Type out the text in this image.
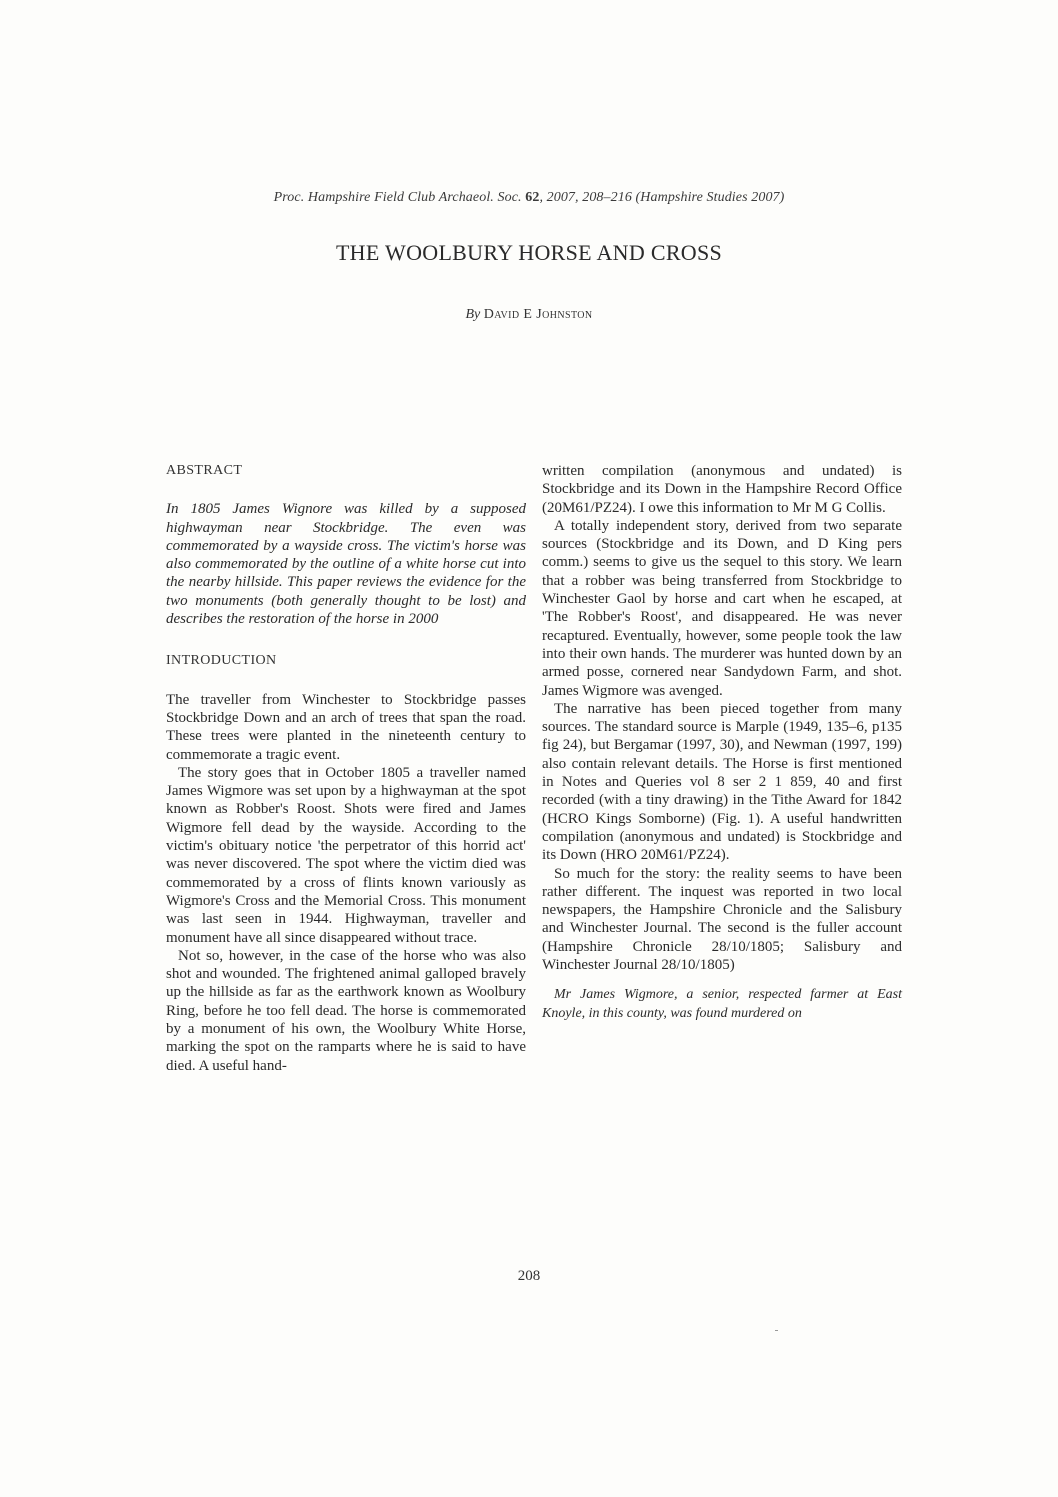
Proc. Hampshire Field Club Archaeol. Soc. 62, 2007, 208–216 (Hampshire Studies 2007)
THE WOOLBURY HORSE AND CROSS
By David E Johnston
ABSTRACT

In 1805 James Wignore was killed by a supposed highwayman near Stockbridge. The even was commemorated by a wayside cross. The victim's horse was also commemorated by the outline of a white horse cut into the nearby hillside. This paper reviews the evidence for the two monuments (both generally thought to be lost) and describes the restoration of the horse in 2000

INTRODUCTION

The traveller from Winchester to Stockbridge passes Stockbridge Down and an arch of trees that span the road. These trees were planted in the nineteenth century to commemorate a tragic event.

The story goes that in October 1805 a traveller named James Wigmore was set upon by a highwayman at the spot known as Robber's Roost. Shots were fired and James Wigmore fell dead by the wayside. According to the victim's obituary notice 'the perpetrator of this horrid act' was never discovered. The spot where the victim died was commemorated by a cross of flints known variously as Wigmore's Cross and the Memorial Cross. This monument was last seen in 1944. Highwayman, traveller and monument have all since disappeared without trace.

Not so, however, in the case of the horse who was also shot and wounded. The frightened animal galloped bravely up the hillside as far as the earthwork known as Woolbury Ring, before he too fell dead. The horse is commemorated by a monument of his own, the Woolbury White Horse, marking the spot on the ramparts where he is said to have died. A useful hand-

written compilation (anonymous and undated) is Stockbridge and its Down in the Hampshire Record Office (20M61/PZ24). I owe this information to Mr M G Collis.

A totally independent story, derived from two separate sources (Stockbridge and its Down, and D King pers comm.) seems to give us the sequel to this story. We learn that a robber was being transferred from Stockbridge to Winchester Gaol by horse and cart when he escaped, at 'The Robber's Roost', and disappeared. He was never recaptured. Eventually, however, some people took the law into their own hands. The murderer was hunted down by an armed posse, cornered near Sandydown Farm, and shot. James Wigmore was avenged.

The narrative has been pieced together from many sources. The standard source is Marple (1949, 135–6, p135 fig 24), but Bergamar (1997, 30), and Newman (1997, 199) also contain relevant details. The Horse is first mentioned in Notes and Queries vol 8 ser 2 1 859, 40 and first recorded (with a tiny drawing) in the Tithe Award for 1842 (HCRO Kings Somborne) (Fig. 1). A useful handwritten compilation (anonymous and undated) is Stockbridge and its Down (HRO 20M61/PZ24).

So much for the story: the reality seems to have been rather different. The inquest was reported in two local newspapers, the Hampshire Chronicle and the Salisbury and Winchester Journal. The second is the fuller account (Hampshire Chronicle 28/10/1805; Salisbury and Winchester Journal 28/10/1805)

Mr James Wigmore, a senior, respected farmer at East Knoyle, in this county, was found murdered on

208
